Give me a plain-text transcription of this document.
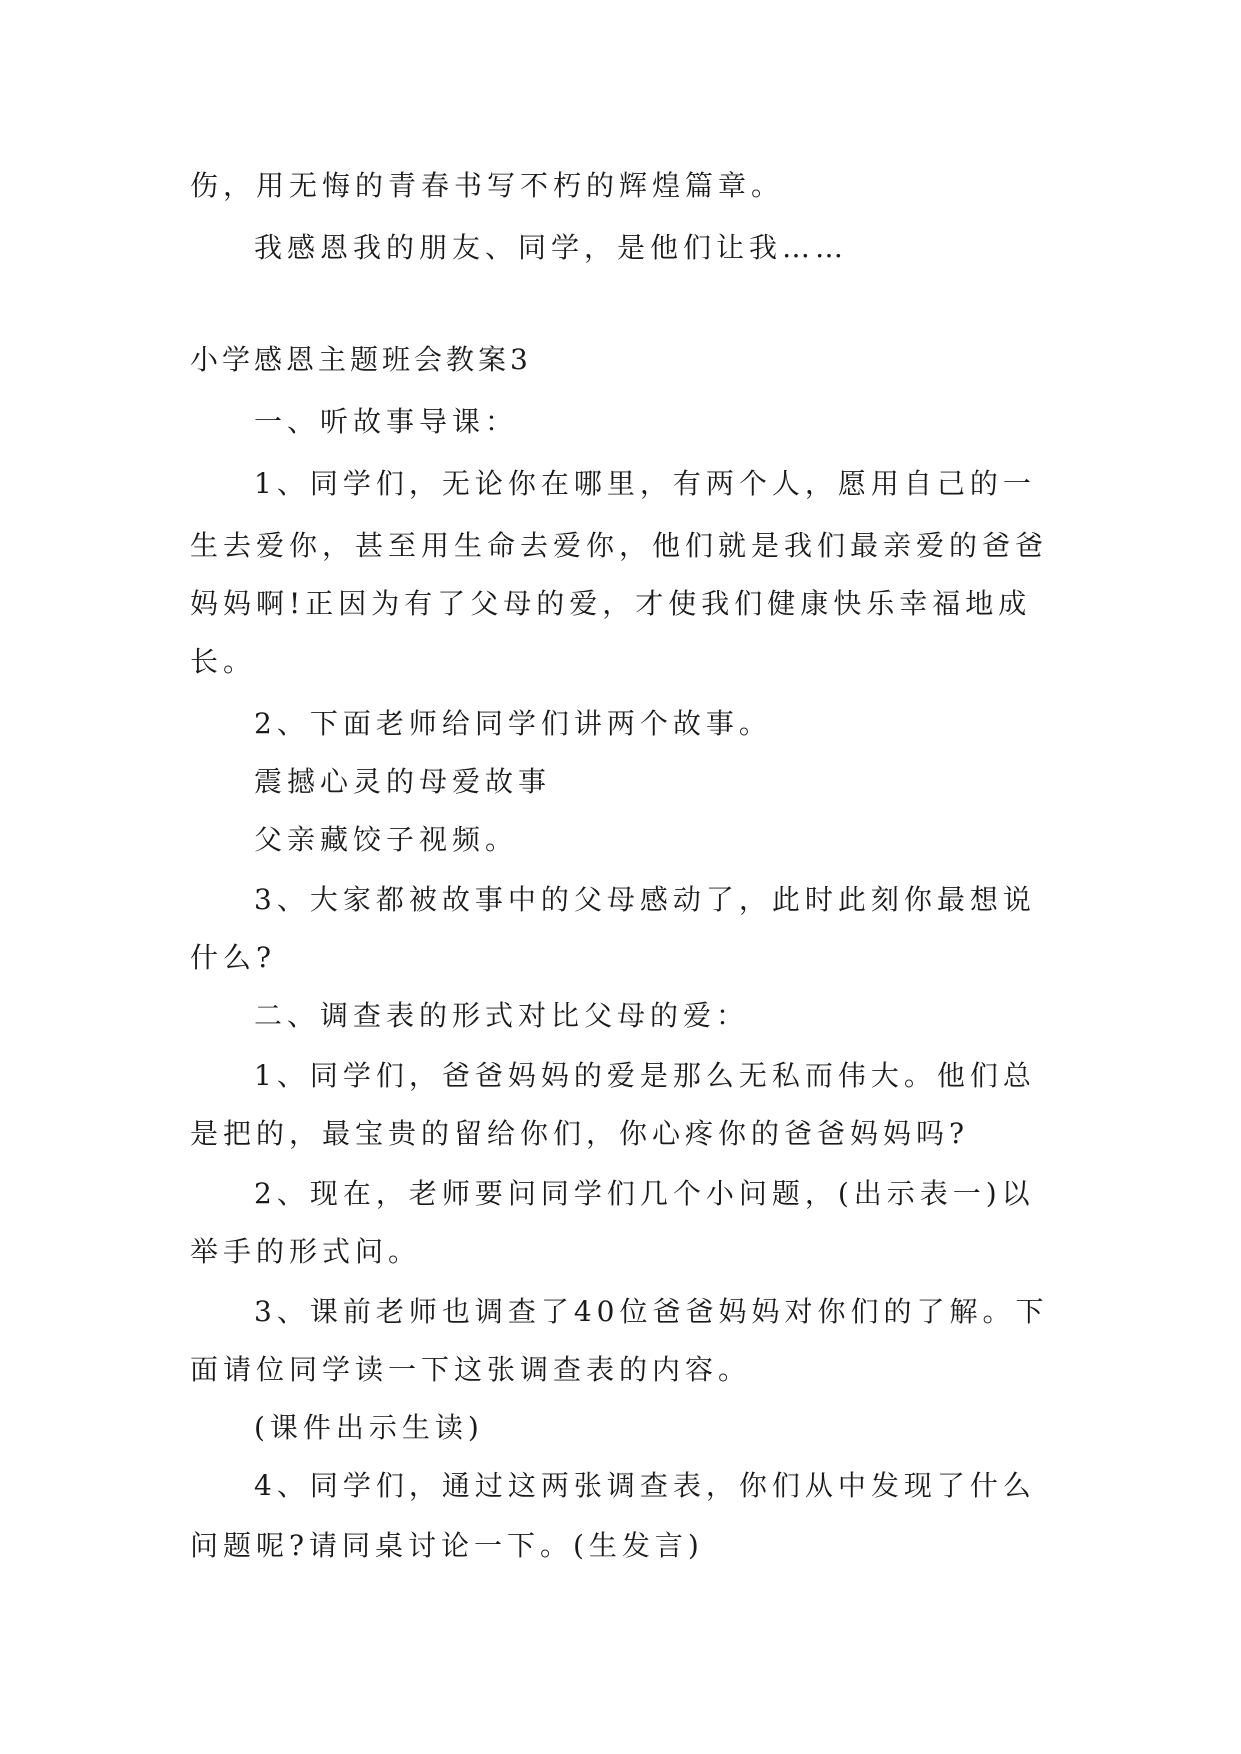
伤，用无悔的青春书写不朽的辉煌篇章。

我感恩我的朋友、同学，是他们让我……

小学感恩主题班会教案3

一、听故事导课：

1、同学们，无论你在哪里，有两个人，愿用自己的一

生去爱你，甚至用生命去爱你，他们就是我们最亲爱的爸爸

妈妈啊!正因为有了父母的爱，才使我们健康快乐幸福地成

长。

2、下面老师给同学们讲两个故事。

震撼心灵的母爱故事

父亲藏饺子视频。

3、大家都被故事中的父母感动了，此时此刻你最想说

什么?

二、调查表的形式对比父母的爱：

1、同学们，爸爸妈妈的爱是那么无私而伟大。他们总

是把的，最宝贵的留给你们，你心疼你的爸爸妈妈吗?

2、现在，老师要问同学们几个小问题，(出示表一)以

举手的形式问。

3、课前老师也调查了40位爸爸妈妈对你们的了解。下

面请位同学读一下这张调查表的内容。

(课件出示生读)

4、同学们，通过这两张调查表，你们从中发现了什么

问题呢?请同桌讨论一下。(生发言)
